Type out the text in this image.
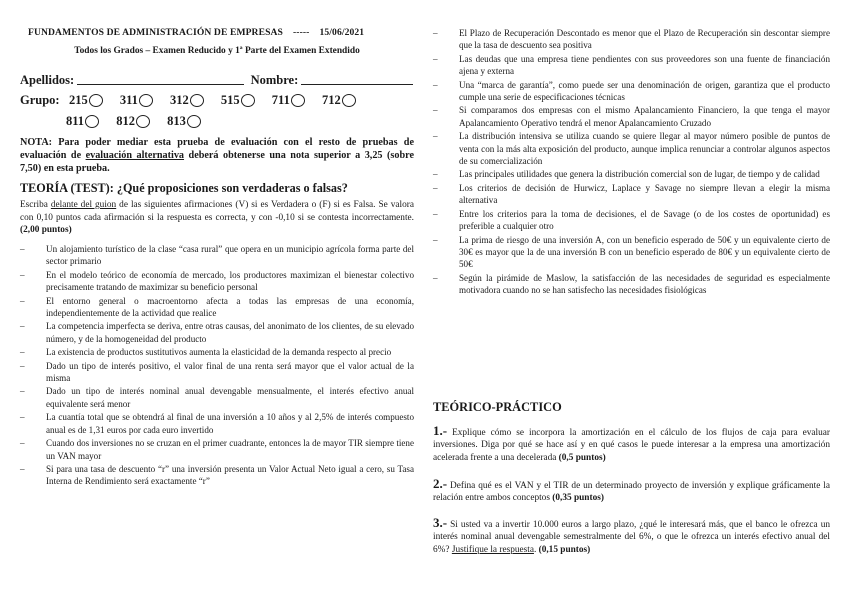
FUNDAMENTOS DE ADMINISTRACIÓN DE EMPRESAS ----- 15/06/2021
Todos los Grados – Examen Reducido y 1ª Parte del Examen Extendido
Apellidos:	Nombre:
Grupo: 215	311	312	515	711	712
811	812	813
NOTA: Para poder mediar esta prueba de evaluación con el resto de pruebas de evaluación de evaluación alternativa deberá obtenerse una nota superior a 3,25 (sobre 7,50) en esta prueba.
TEORÍA (TEST): ¿Qué proposiciones son verdaderas o falsas?
Escriba delante del guion de las siguientes afirmaciones (V) si es Verdadera o (F) si es Falsa. Se valora con 0,10 puntos cada afirmación si la respuesta es correcta, y con -0,10 si se contesta incorrectamente. (2,00 puntos)
– Un alojamiento turístico de la clase “casa rural” que opera en un municipio agrícola forma parte del sector primario
– En el modelo teórico de economía de mercado, los productores maximizan el bienestar colectivo precisamente tratando de maximizar su beneficio personal
– El entorno general o macroentorno afecta a todas las empresas de una economía, independientemente de la actividad que realice
– La competencia imperfecta se deriva, entre otras causas, del anonimato de los clientes, de su elevado número, y de la homogeneidad del producto
– La existencia de productos sustitutivos aumenta la elasticidad de la demanda respecto al precio
– Dado un tipo de interés positivo, el valor final de una renta será mayor que el valor actual de la misma
– Dado un tipo de interés nominal anual devengable mensualmente, el interés efectivo anual equivalente será menor
– La cuantía total que se obtendrá al final de una inversión a 10 años y al 2,5% de interés compuesto anual es de 1,31 euros por cada euro invertido
– Cuando dos inversiones no se cruzan en el primer cuadrante, entonces la de mayor TIR siempre tiene un VAN mayor
– Si para una tasa de descuento “r” una inversión presenta un Valor Actual Neto igual a cero, su Tasa Interna de Rendimiento será exactamente “r”
– El Plazo de Recuperación Descontado es menor que el Plazo de Recuperación sin descontar siempre que la tasa de descuento sea positiva
– Las deudas que una empresa tiene pendientes con sus proveedores son una fuente de financiación ajena y externa
– Una “marca de garantía”, como puede ser una denominación de origen, garantiza que el producto cumple una serie de especificaciones técnicas
– Si comparamos dos empresas con el mismo Apalancamiento Financiero, la que tenga el mayor Apalancamiento Operativo tendrá el menor Apalancamiento Cruzado
– La distribución intensiva se utiliza cuando se quiere llegar al mayor número posible de puntos de venta con la más alta exposición del producto, aunque implica renunciar a controlar algunos aspectos de su comercialización
– Las principales utilidades que genera la distribución comercial son de lugar, de tiempo y de calidad
– Los criterios de decisión de Hurwicz, Laplace y Savage no siempre llevan a elegir la misma alternativa
– Entre los criterios para la toma de decisiones, el de Savage (o de los costes de oportunidad) es preferible a cualquier otro
– La prima de riesgo de una inversión A, con un beneficio esperado de 50€ y un equivalente cierto de 30€ es mayor que la de una inversión B con un beneficio esperado de 80€ y un equivalente cierto de 50€
– Según la pirámide de Maslow, la satisfacción de las necesidades de seguridad es especialmente motivadora cuando no se han satisfecho las necesidades fisiológicas
TEÓRICO-PRÁCTICO
1.- Explique cómo se incorpora la amortización en el cálculo de los flujos de caja para evaluar inversiones. Diga por qué se hace así y en qué casos le puede interesar a la empresa una amortización acelerada frente a una decelerada (0,5 puntos)
2.- Defina qué es el VAN y el TIR de un determinado proyecto de inversión y explique gráficamente la relación entre ambos conceptos (0,35 puntos)
3.- Si usted va a invertir 10.000 euros a largo plazo, ¿qué le interesará más, que el banco le ofrezca un interés nominal anual devengable semestralmente del 6%, o que le ofrezca un interés efectivo anual del 6%? Justifique la respuesta. (0,15 puntos)
